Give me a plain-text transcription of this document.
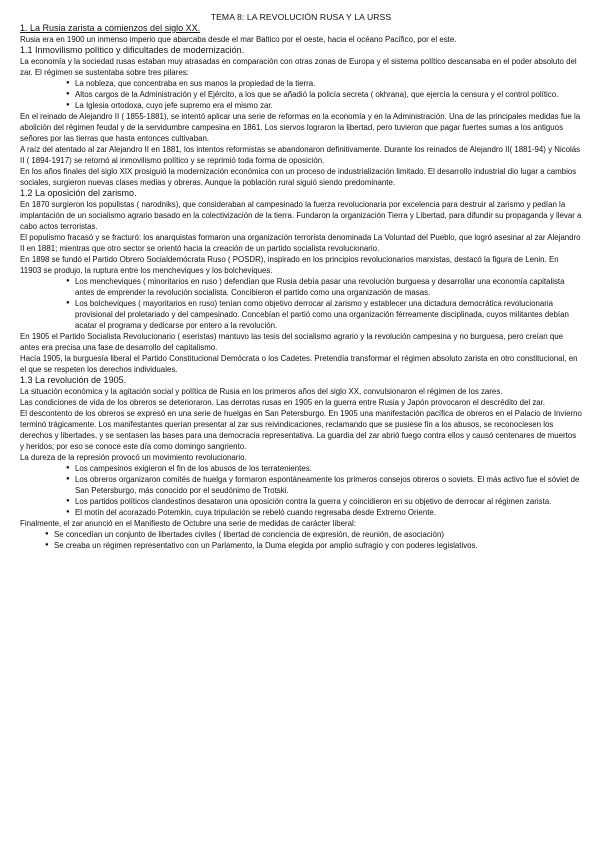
TEMA 8: LA REVOLUCIÓN RUSA Y LA URSS
1. La Rusia zarista a comienzos del siglo XX.
Rusia era en 1900 un inmenso imperio que abarcaba desde el mar Baltico por el oeste, hacia el océano Pacífico, por el este.
1.1 Inmovilismo político y dificultades de modernización.
La economía y la sociedad rusas estaban muy atrasadas en comparación con otras zonas de Europa y el sistema político descansaba en el poder absoluto del zar. El régimen se sustentaba sobre tres pilares:
● La nobleza, que concentraba en sus manos la propiedad de la tierra.
● Altos cargos de la Administración y el Ejército, a los que se añadió la policía secreta ( okhrana), que ejercía la censura y el control político.
● La Iglesia ortodoxa, cuyo jefe supremo era el mismo zar.
En el reinado de Alejandro II ( 1855-1881), se intentó aplicar una serie de reformas en la economía y en la Administración. Una de las principales medidas fue la abolición del régimen feudal y de la servidumbre campesina en 1861. Los siervos lograron la libertad, pero tuvieron que pagar fuertes sumas a los antiguos señores por las tierras que hasta entonces cultivaban.
A raíz del atentado al zar Alejandro II en 1881, los intentos reformistas se abandonaron definitivamente. Durante los reinados de Alejandro II( 1881-94) y Nicolás II ( 1894-1917) se retornó al inmovilismo político y se reprimió toda forma de oposición.
En los años finales del siglo XIX prosiguió la modernización económica con un proceso de industrialización limitado. El desarrollo industrial dio lugar a cambios sociales, surgieron nuevas clases medias y obreras. Aunque la población rural siguió siendo predominante.
1.2 La oposición del zarismo.
En 1870 surgieron los populistas ( narodniks), que consideraban al campesinado la fuerza revolucionaria por excelencia para destruir al zarismo y pedían la implantación de un socialismo agrario basado en la colectivización de la tierra. Fundaron la organización Tierra y Libertad, para difundir su propaganda y llevar a cabo actos terroristas.
El populismo fracasó y se fracturó: los anarquistas formaron una organización terrorista denominada La Voluntad del Pueblo, que logró asesinar al zar Alejandro II en 1881; mientras que otro sector se orientó hacia la creación de un partido socialista revolucionario.
En 1898 se fundó el Partido Obrero Socialdemócrata Ruso ( POSDR), inspirado en los principios revolucionarios marxistas, destacó la figura de Lenin. En 11903 se produjo, la ruptura entre los mencheviques y los bolcheviques.
● Los mencheviques ( minoritarios en ruso ) defendían que Rusia debía pasar una revolución burguesa y desarrollar una economía capitalista antes de emprender la revolución socialista. Concibieron el partido como una organización de masas.
● Los bolcheviques ( mayoritarios en ruso) tenían como objetivo derrocar al zarismo y establecer una dictadura democrática revolucionaria provisional del proletariado y del campesinado. Concebían el partió como una organización férreamente disciplinada, cuyos militantes debían acatar el programa y dedicarse por entero a la revolución.
En 1905 el Partido Socialista Revolucionario ( eseristas) mantuvo las tesis del socialismo agrario y la revolución campesina y no burguesa, pero creían que antes era precisa una fase de desarrollo del capitalismo.
Hacía 1905, la burguesía liberal el Partido Constitucional Demócrata o los Cadetes. Pretendía transformar el régimen absoluto zarista en otro constitucional, en el que se respeten los derechos individuales.
1.3 La revolución de 1905.
La situación económica y la agitación social y política de Rusia en los primeros años del siglo XX, convulsionaron el régimen de los zares.
Las condiciones de vida de los obreros se deterioraron. Las derrotas rusas en 1905 en la guerra entre Rusia y Japón provocaron el descrédito del zar.
El descontento de los obreros se expresó en una serie de huelgas en San Petersburgo. En 1905 una manifestación pacífica de obreros en el Palacio de Invierno terminó trágicamente. Los manifestantes querían presentar al zar sus reivindicaciones, reclamando que se pusiese fin a los abusos, se reconociesen los derechos y libertades, y se sentasen las bases para una democracia representativa. La guardia del zar abrió fuego contra ellos y causó centenares de muertos y heridos; por eso se conoce este día como domingo sangriento.
La dureza de la represión provocó un movimiento revolucionario.
● Los campesinos exigieron el fin de los abusos de los terratenientes.
● Los obreros organizaron comités de huelga y formaron espontáneamente los primeros consejos obreros o soviets. El más activo fue el sóviet de San Petersburgo, más conocido por el seudónimo de Trotski.
● Los partidos políticos clandestinos desataron una oposición contra la guerra y coincidieron en su objetivo de derrocar al régimen zarista.
● El motín del acorazado Potemkin, cuya tripulación se rebeló cuando regresaba desde Extremo Oriente.
Finalmente, el zar anunció en el Manifiesto de Octubre una serie de medidas de carácter liberal:
● Se concedían un conjunto de libertades civiles ( libertad de conciencia de expresión, de reunión, de asociación)
● Se creaba un régimen representativo con un Parlamento, la Duma elegida por amplio sufragio y con poderes legislativos.
